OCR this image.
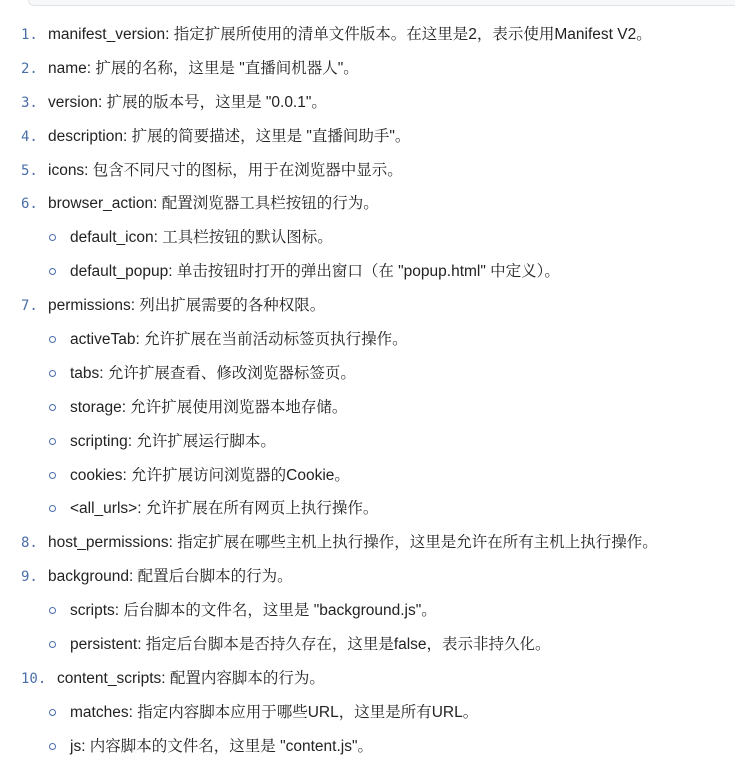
1. manifest_version: 指定扩展所使用的清单文件版本。在这里是2，表示使用Manifest V2。
2. name: 扩展的名称，这里是 "直播间机器人"。
3. version: 扩展的版本号，这里是 "0.0.1"。
4. description: 扩展的简要描述，这里是 "直播间助手"。
5. icons: 包含不同尺寸的图标，用于在浏览器中显示。
6. browser_action: 配置浏览器工具栏按钮的行为。
default_icon: 工具栏按钮的默认图标。
default_popup: 单击按钮时打开的弹出窗口（在 "popup.html" 中定义）。
7. permissions: 列出扩展需要的各种权限。
activeTab: 允许扩展在当前活动标签页执行操作。
tabs: 允许扩展查看、修改浏览器标签页。
storage: 允许扩展使用浏览器本地存储。
scripting: 允许扩展运行脚本。
cookies: 允许扩展访问浏览器的Cookie。
<all_urls>: 允许扩展在所有网页上执行操作。
8. host_permissions: 指定扩展在哪些主机上执行操作，这里是允许在所有主机上执行操作。
9. background: 配置后台脚本的行为。
scripts: 后台脚本的文件名，这里是 "background.js"。
persistent: 指定后台脚本是否持久存在，这里是false，表示非持久化。
10. content_scripts: 配置内容脚本的行为。
matches: 指定内容脚本应用于哪些URL，这里是所有URL。
js: 内容脚本的文件名，这里是 "content.js"。
